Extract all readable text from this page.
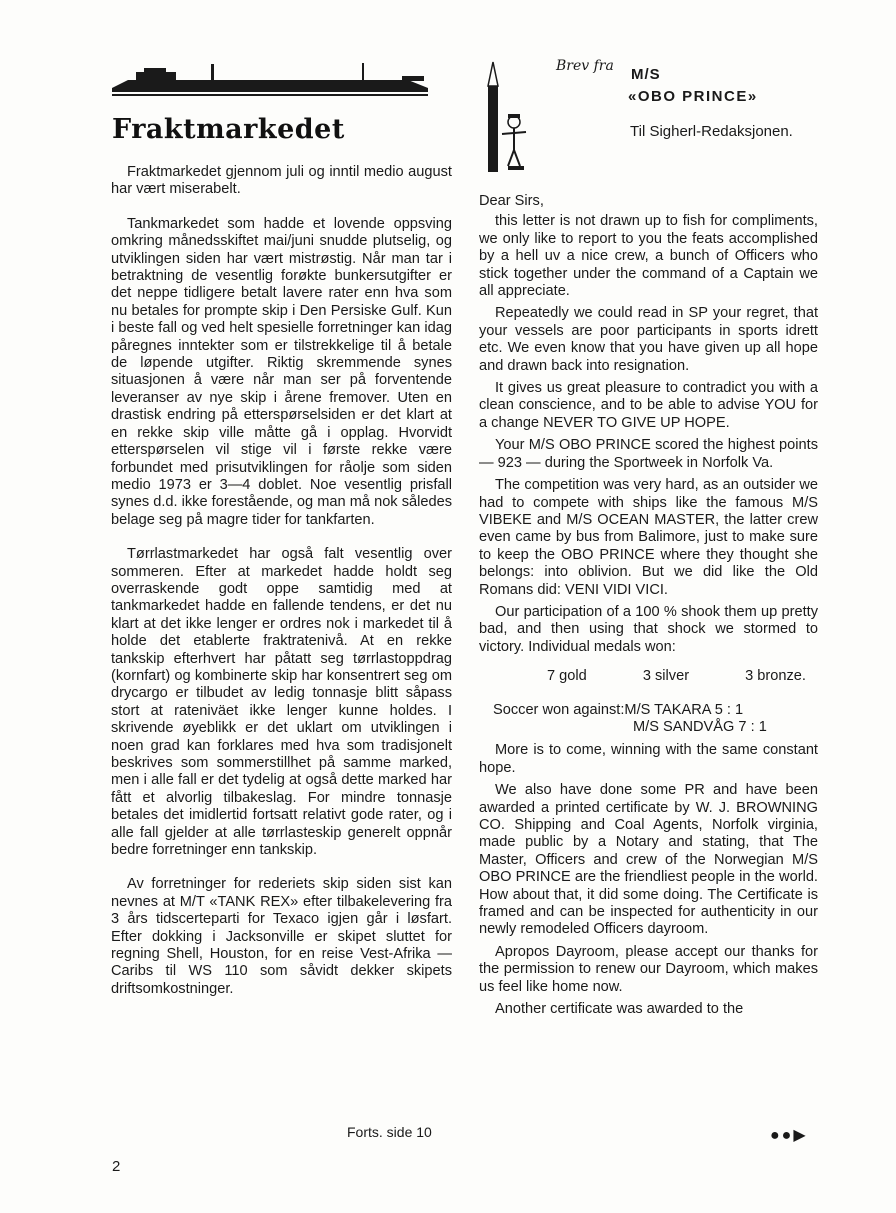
Fraktmarkedet

Fraktmarkedet gjennom juli og inntil medio august har vært miserabelt.

Tankmarkedet som hadde et lovende oppsving omkring månedsskiftet mai/juni snudde plutselig, og utviklingen siden har vært mistrøstig. Når man tar i betraktning de vesentlig forøkte bunkersutgifter er det neppe tidligere betalt lavere rater enn hva som nu betales for prompte skip i Den Persiske Gulf. Kun i beste fall og ved helt spesielle forretninger kan idag påregnes inntekter som er tilstrekkelige til å betale de løpende utgifter. Riktig skremmende synes situasjonen å være når man ser på forventende leveranser av nye skip i årene fremover. Uten en drastisk endring på etterspørselsiden er det klart at en rekke skip ville måtte gå i opplag. Hvorvidt etterspørselen vil stige vil i første rekke være forbundet med prisutviklingen for råolje som siden medio 1973 er 3—4 doblet. Noe vesentlig prisfall synes d.d. ikke forestående, og man må nok således belage seg på magre tider for tankfarten.

Tørrlastmarkedet har også falt vesentlig over sommeren. Efter at markedet hadde holdt seg overraskende godt oppe samtidig med at tankmarkedet hadde en fallende tendens, er det nu klart at det ikke lenger er ordres nok i markedet til å holde det etablerte fraktratenivå. At en rekke tankskip efterhvert har påtatt seg tørrlastoppdrag (kornfart) og kombinerte skip har konsentrert seg om drycargo er tilbudet av ledig tonnasje blitt såpass stort at rateniväet ikke lenger kunne holdes. I skrivende øyeblikk er det uklart om utviklingen i noen grad kan forklares med hva som tradisjonelt beskrives som sommerstillhet på samme marked, men i alle fall er det tydelig at også dette marked har fått et alvorlig tilbakeslag. For mindre tonnasje betales det imidlertid fortsatt relativt gode rater, og i alle fall gjelder at alle tørrlasteskip generelt oppnår bedre forretninger enn tankskip.

Av forretninger for rederiets skip siden sist kan nevnes at M/T «TANK REX» efter tilbakelevering fra 3 års tidscerteparti for Texaco igjen går i løsfart. Efter dokking i Jacksonville er skipet sluttet for regning Shell, Houston, for en reise Vest-Afrika — Caribs til WS 110 som såvidt dekker skipets driftsomkostninger.

Forts. side 10
2
Brev fra M/S
«OBO PRINCE»
Til Sigherl-Redaksjonen.

Dear Sirs,

this letter is not drawn up to fish for compliments, we only like to report to you the feats accomplished by a hell uv a nice crew, a bunch of Officers who stick together under the command of a Captain we all appreciate.

Repeatedly we could read in SP your regret, that your vessels are poor participants in sports idrett etc. We even know that you have given up all hope and drawn back into resignation.

It gives us great pleasure to contradict you with a clean conscience, and to be able to advise YOU for a change NEVER TO GIVE UP HOPE.

Your M/S OBO PRINCE scored the highest points — 923 — during the Sportweek in Norfolk Va.

The competition was very hard, as an outsider we had to compete with ships like the famous M/S VIBEKE and M/S OCEAN MASTER, the latter crew even came by bus from Balimore, just to make sure to keep the OBO PRINCE where they thought she belongs: into oblivion. But we did like the Old Romans did: VENI VIDI VICI.

Our participation of a 100 % shook them up pretty bad, and then using that shock we stormed to victory. Individual medals won:

7 gold	3 silver	3 bronze.
Soccer won against: M/S TAKARA 5 : 1
M/S SANDVÅG 7 : 1

More is to come, winning with the same constant hope.

We also have done some PR and have been awarded a printed certificate by W. J. BROWNING CO. Shipping and Coal Agents, Norfolk virginia, made public by a Notary and stating, that The Master, Officers and crew of the Norwegian M/S OBO PRINCE are the friendliest people in the world. How about that, it did some doing. The Certificate is framed and can be inspected for authenticity in our newly remodeled Officers dayroom.

Apropos Dayroom, please accept our thanks for the permission to renew our Dayroom, which makes us feel like home now.

Another certificate was awarded to the

●●▶
